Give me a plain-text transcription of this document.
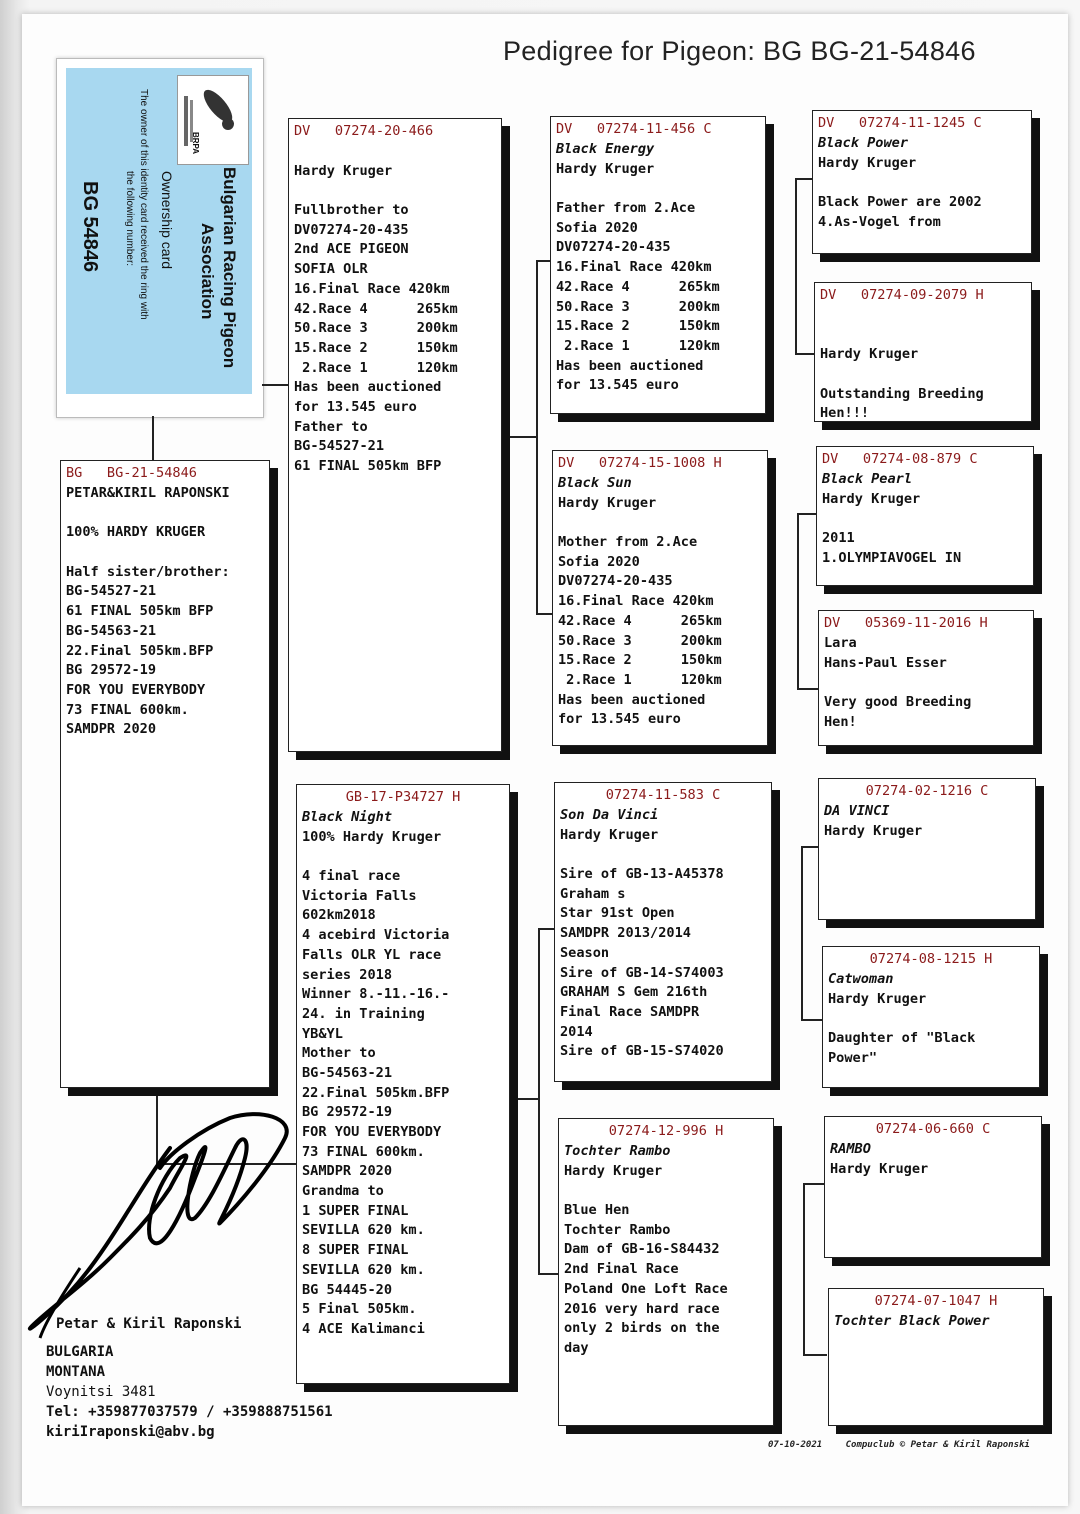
Pedigree for Pigeon: BG BG-21-54846
Bulgarian Racing Pigeon
Association
Ownership card
The owner of this identity card received the ring with
the following number:
BG 54846
BRPA
BG   BG-21-54846
PETAR&KIRIL RAPONSKI
100% HARDY KRUGER
Half sister/brother:
BG-54527-21
61 FINAL 505km BFP
BG-54563-21
22.Final 505km.BFP
BG 29572-19
FOR YOU EVERYBODY
73 FINAL 600km.
SAMDPR 2020
DV   07274-20-466
Hardy Kruger
Fullbrother to
DV07274-20-435
2nd ACE PIGEON
SOFIA OLR
16.Final Race 420km
42.Race 4      265km
50.Race 3      200km
15.Race 2      150km
2.Race 1      120km
Has been auctioned
for 13.545 euro
Father to
BG-54527-21
61 FINAL 505km BFP
GB-17-P34727 H
Black Night
100% Hardy Kruger
4 final race
Victoria Falls
602km2018
4 acebird Victoria
Falls OLR YL race
series 2018
Winner 8.-11.-16.-
24. in Training
YB&YL
Mother to
BG-54563-21
22.Final 505km.BFP
BG 29572-19
FOR YOU EVERYBODY
73 FINAL 600km.
SAMDPR 2020
Grandma to
1 SUPER FINAL
SEVILLA 620 km.
8 SUPER FINAL
SEVILLA 620 km.
BG 54445-20
5 Final 505km.
4 ACE Kalimanci
DV   07274-11-456 C
Black Energy
Hardy Kruger
Father from 2.Ace
Sofia 2020
DV07274-20-435
16.Final Race 420km
42.Race 4      265km
50.Race 3      200km
15.Race 2      150km
2.Race 1      120km
Has been auctioned
for 13.545 euro
DV   07274-15-1008 H
Black Sun
Hardy Kruger
Mother from 2.Ace
Sofia 2020
DV07274-20-435
16.Final Race 420km
42.Race 4      265km
50.Race 3      200km
15.Race 2      150km
2.Race 1      120km
Has been auctioned
for 13.545 euro
07274-11-583 C
Son Da Vinci
Hardy Kruger
Sire of GB-13-A45378
Graham s
Star 91st Open
SAMDPR 2013/2014
Season
Sire of GB-14-S74003
GRAHAM S Gem 216th
Final Race SAMDPR
2014
Sire of GB-15-S74020
07274-12-996 H
Tochter Rambo
Hardy Kruger
Blue Hen
Tochter Rambo
Dam of GB-16-S84432
2nd Final Race
Poland One Loft Race
2016 very hard race
only 2 birds on the
day
DV   07274-11-1245 C
Black Power
Hardy Kruger
Black Power are 2002
4.As-Vogel from
DV   07274-09-2079 H
Hardy Kruger
Outstanding Breeding
Hen!!!
DV   07274-08-879 C
Black Pearl
Hardy Kruger
2011
1.OLYMPIAVOGEL IN
DV   05369-11-2016 H
Lara
Hans-Paul Esser
Very good Breeding
Hen!
07274-02-1216 C
DA VINCI
Hardy Kruger
07274-08-1215 H
Catwoman
Hardy Kruger
Daughter of "Black
Power"
07274-06-660 C
RAMBO
Hardy Kruger
07274-07-1047 H
Tochter Black Power
Petar & Kiril Raponski
BULGARIA
MONTANA
Voynitsi 3481
Tel: +359877037579 / +359888751561
kiriIraponski@abv.bg
07-10-2021	Compuclub © Petar & Kiril Raponski
